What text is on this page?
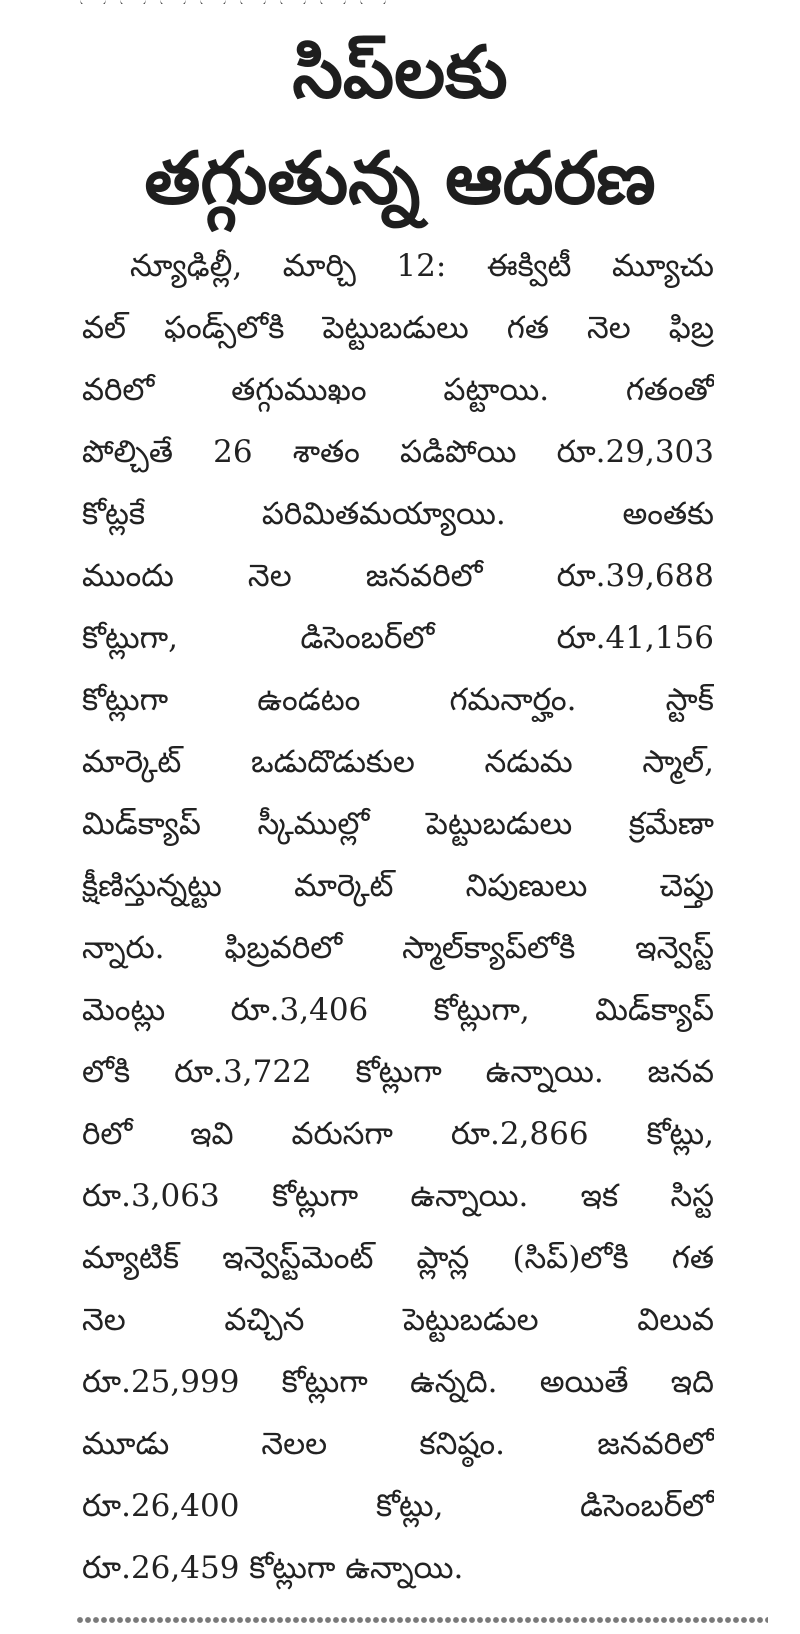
సిప్‌లకు
తగ్గుతున్న ఆదరణ
న్యూఢిల్లీ, మార్చి 12: ఈక్విటీ మ్యూచు
వల్ ఫండ్స్‌లోకి పెట్టుబడులు గత నెల ఫిబ్ర
వరిలో తగ్గుముఖం పట్టాయి. గతంతో
పోల్చితే 26 శాతం పడిపోయి రూ.29,303
కోట్లకే పరిమితమయ్యాయి. అంతకు
ముందు నెల జనవరిలో రూ.39,688
కోట్లుగా, డిసెంబర్‌లో రూ.41,156
కోట్లుగా ఉండటం గమనార్హం. స్టాక్
మార్కెట్ ఒడుదొడుకుల నడుమ స్మాల్,
మిడ్‌క్యాప్ స్కీముల్లో పెట్టుబడులు క్రమేణా
క్షీణిస్తున్నట్టు మార్కెట్ నిపుణులు చెప్తు
న్నారు. ఫిబ్రవరిలో స్మాల్‌క్యాప్‌లోకి ఇన్వెస్ట్
మెంట్లు రూ.3,406 కోట్లుగా, మిడ్‌క్యాప్
లోకి రూ.3,722 కోట్లుగా ఉన్నాయి. జనవ
రిలో ఇవి వరుసగా రూ.2,866 కోట్లు,
రూ.3,063 కోట్లుగా ఉన్నాయి. ఇక సిస్ట
మ్యాటిక్ ఇన్వెస్ట్‌మెంట్ ప్లాన్ల (సిప్)లోకి గత
నెల వచ్చిన పెట్టుబడుల విలువ
రూ.25,999 కోట్లుగా ఉన్నది. అయితే ఇది
మూడు నెలల కనిష్ఠం. జనవరిలో
రూ.26,400 కోట్లు, డిసెంబర్‌లో
రూ.26,459 కోట్లుగా ఉన్నాయి.
